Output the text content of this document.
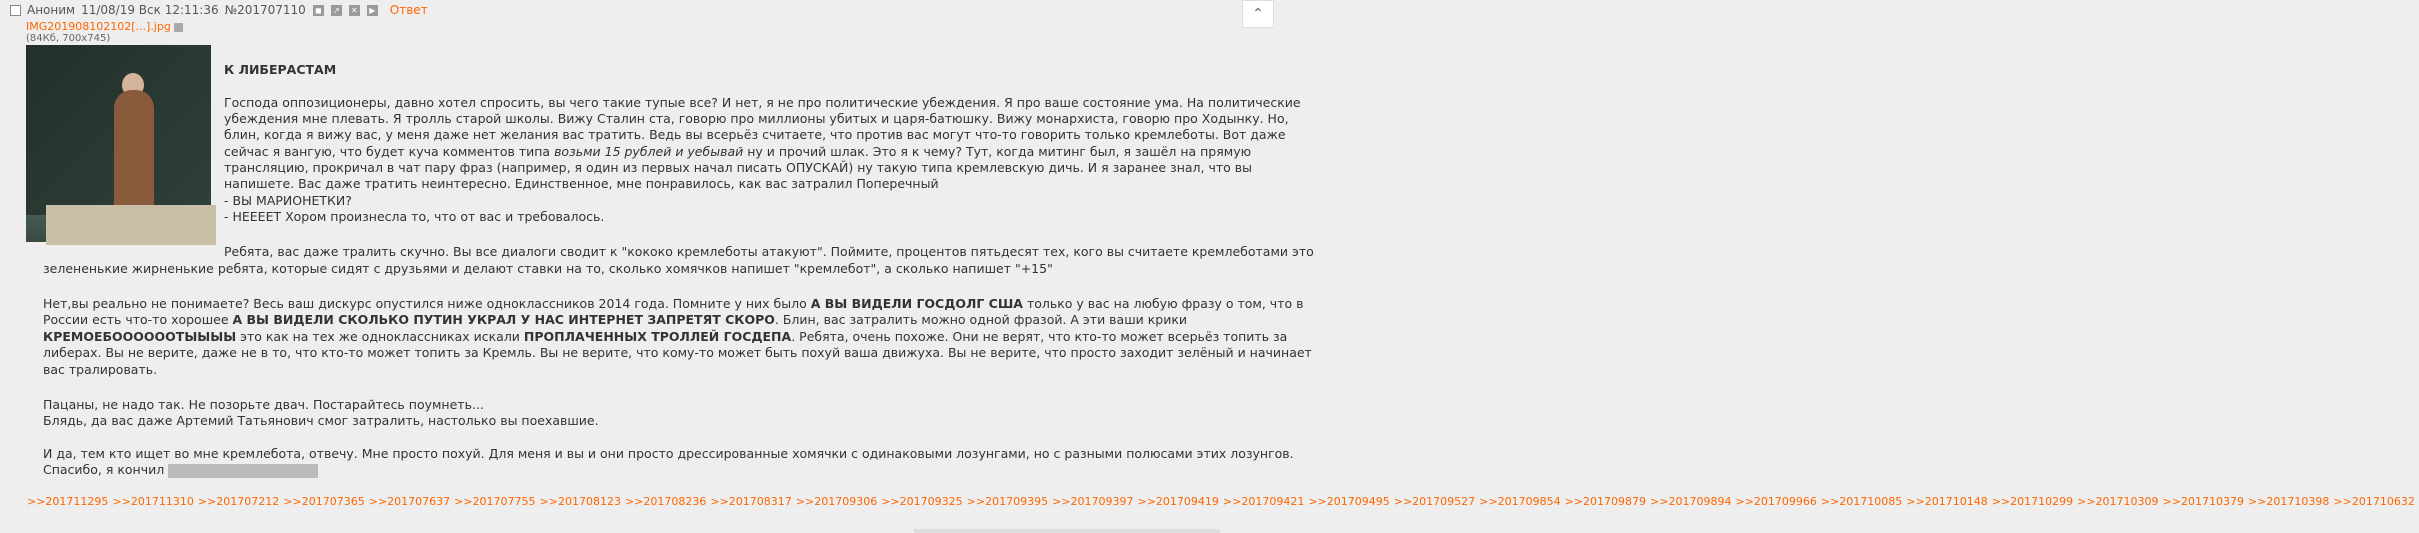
Аноним 11/08/19 Вск 12:11:36 №201707110 ◼ ↗ ✕	▶ Ответ	⌃
IMG201908102102[...].jpg
(84Кб, 700x745)
К ЛИБЕРАСТАМ
Господа оппозиционеры, давно хотел спросить, вы чего такие тупые все? И нет, я не про политические убеждения. Я про ваше состояние ума. На политические
убеждения мне плевать. Я тролль старой школы. Вижу Сталин ста, говорю про миллионы убитых и царя-батюшку. Вижу монархиста, говорю про Ходынку. Но,
блин, когда я вижу вас, у меня даже нет желания вас тратить. Ведь вы всерьёз считаете, что против вас могут что-то говорить только кремлеботы. Вот даже
сейчас я вангую, что будет куча комментов типа возьми 15 рублей и уебывай ну и прочий шлак. Это я к чему? Тут, когда митинг был, я зашёл на прямую
трансляцию, прокричал в чат пару фраз (например, я один из первых начал писать ОПУСКАЙ) ну такую типа кремлевскую дичь. И я заранее знал, что вы
напишете. Вас даже тратить неинтересно. Единственное, мне понравилось, как вас затралил Поперечный
- ВЫ МАРИОНЕТКИ?
- НЕЕЕЕТ Хором произнесла то, что от вас и требовалось.
Ребята, вас даже тралить скучно. Вы все диалоги сводит к "кококо кремлеботы атакуют". Поймите, процентов пятьдесят тех, кого вы считаете кремлеботами это
зелененькие жирненькие ребята, которые сидят с друзьями и делают ставки на то, сколько хомячков напишет "кремлебот", а сколько напишет "+15"
Нет,вы реально не понимаете? Весь ваш дискурс опустился ниже одноклассников 2014 года. Помните у них было А ВЫ ВИДЕЛИ ГОСДОЛГ США только у вас на любую фразу о том, что в
России есть что-то хорошее А ВЫ ВИДЕЛИ СКОЛЬКО ПУТИН УКРАЛ У НАС ИНТЕРНЕТ ЗАПРЕТЯТ СКОРО. Блин, вас затралить можно одной фразой. А эти ваши крики
КРЕМОЕБООООООТЫЫЫЫ это как на тех же одноклассниках искали ПРОПЛАЧЕННЫХ ТРОЛЛЕЙ ГОСДЕПА. Ребята, очень похоже. Они не верят, что кто-то может всерьёз топить за
либерах. Вы не верите, даже не в то, что кто-то может топить за Кремль. Вы не верите, что кому-то может быть похуй ваша движуха. Вы не верите, что просто заходит зелёный и начинает
вас тралировать.
Пацаны, не надо так. Не позорьте двач. Постарайтесь поумнеть...
Блядь, да вас даже Артемий Татьянович смог затралить, настолько вы поехавшие.
И да, тем кто ищет во мне кремлебота, отвечу. Мне просто похуй. Для меня и вы и они просто дрессированные хомячки с одинаковыми лозунгами, но с разными полюсами этих лозунгов.
Спасибо, я кончил
>>201711295 >>201711310 >>201707212 >>201707365 >>201707637 >>201707755 >>201708123 >>201708236 >>201708317 >>201709306 >>201709325 >>201709395 >>201709397 >>201709419 >>201709421 >>201709495 >>201709527 >>201709854 >>201709879 >>201709894 >>201709966 >>201710085 >>201710148 >>201710299 >>201710309 >>201710379 >>201710398 >>201710632
